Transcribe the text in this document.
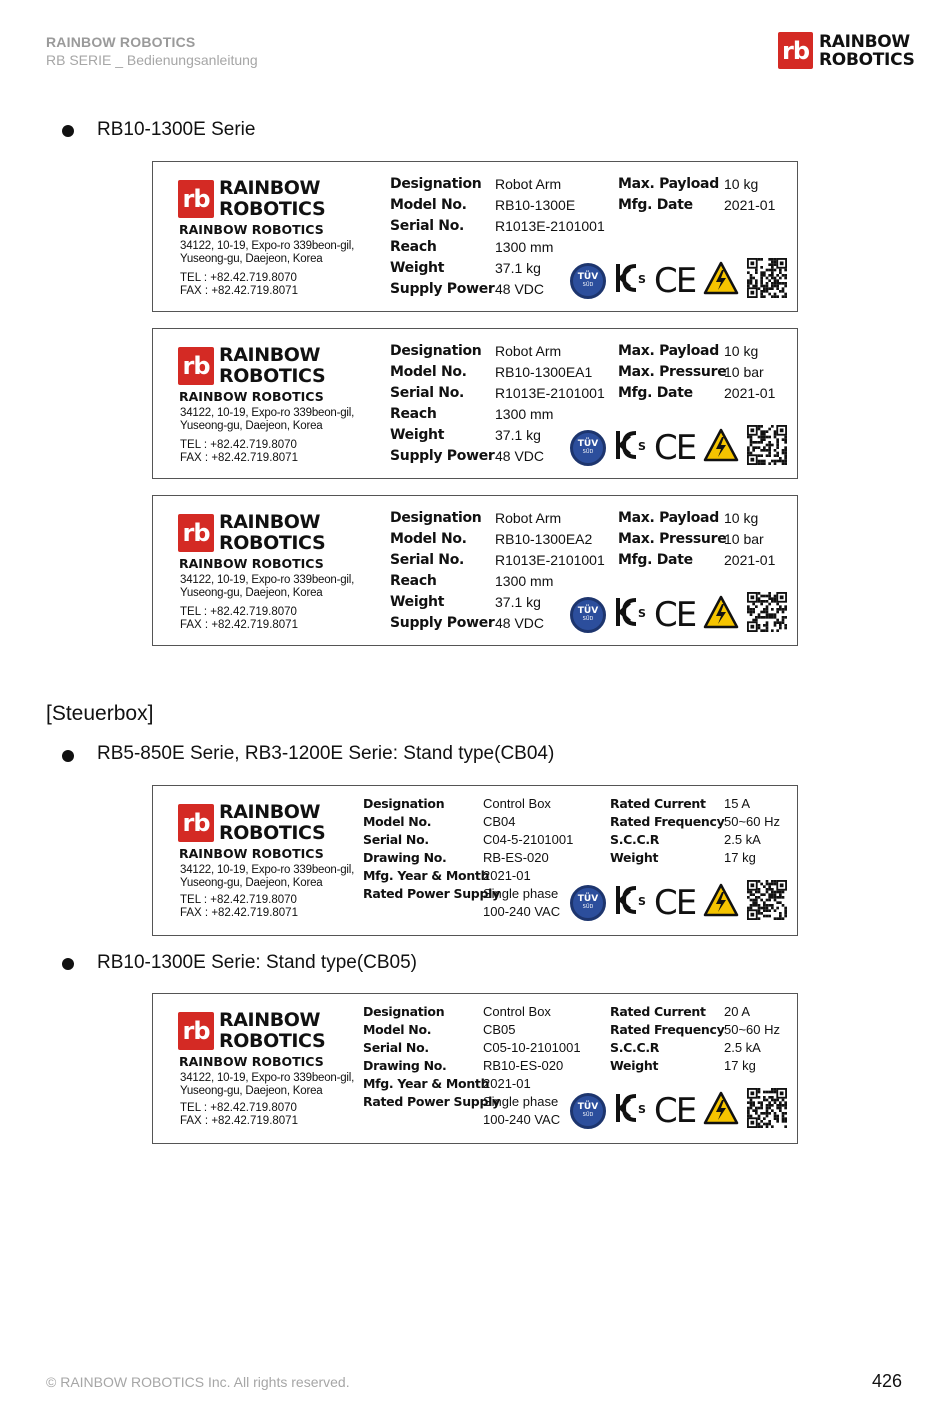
RAINBOW ROBOTICS
RB SERIE _ Bedienungsanleitung	rb RAINBOW
ROBOTICS
RB10-1300E Serie
[Steuerbox]
RB5-850E Serie, RB3-1200E Serie: Stand type(CB04)
RB10-1300E Serie: Stand type(CB05)
rb RAINBOW
ROBOTICS
RAINBOW ROBOTICS
34122, 10-19, Expo-ro 339beon-gil,
Yuseong-gu, Daejeon, Korea
TEL : +82.42.719.8070
FAX : +82.42.719.8071
Designation Robot Arm
Model No. RB10-1300E
Serial No. R1013E-2101001
Reach	1300 mm
Weight	37.1 kg
Supply Power 48 VDC
Max. Payload 10 kg
Mfg. Date 2021-01
TÜV
SÜD	S CE
rb RAINBOW
ROBOTICS
RAINBOW ROBOTICS
34122, 10-19, Expo-ro 339beon-gil,
Yuseong-gu, Daejeon, Korea
TEL : +82.42.719.8070
FAX : +82.42.719.8071
Designation Robot Arm
Model No. RB10-1300EA1
Serial No. R1013E-2101001
Reach	1300 mm
Weight	37.1 kg
Supply Power 48 VDC
Max. Payload 10 kg
Max. Pressure
10 bar
Mfg. Date 2021-01
TÜV
SÜD	S CE
rb RAINBOW
ROBOTICS
RAINBOW ROBOTICS
34122, 10-19, Expo-ro 339beon-gil,
Yuseong-gu, Daejeon, Korea
TEL : +82.42.719.8070
FAX : +82.42.719.8071
Designation Robot Arm
Model No. RB10-1300EA2
Serial No. R1013E-2101001
Reach	1300 mm
Weight	37.1 kg
Supply Power 48 VDC
Max. Payload 10 kg
Max. Pressure
10 bar
Mfg. Date 2021-01
TÜV
SÜD	S CE
rb RAINBOW
ROBOTICS
RAINBOW ROBOTICS
34122, 10-19, Expo-ro 339beon-gil,
Yuseong-gu, Daejeon, Korea
TEL : +82.42.719.8070
FAX : +82.42.719.8071
Designation	Control Box
Model No.	CB04
Serial No.	C04-5-2101001
Drawing No.	RB-ES-020
Mfg. Year & Month
2021-01
Rated Power Supply
Single phase
100-240 VAC
Rated Current 15 A
Rated Frequency 50~60 Hz
S.C.C.R	2.5 kA
Weight	17 kg
TÜV
SÜD	S CE
rb RAINBOW
ROBOTICS
RAINBOW ROBOTICS
34122, 10-19, Expo-ro 339beon-gil,
Yuseong-gu, Daejeon, Korea
TEL : +82.42.719.8070
FAX : +82.42.719.8071
Designation	Control Box
Model No.	CB05
Serial No.	C05-10-2101001
Drawing No.	RB10-ES-020
Mfg. Year & Month
2021-01
Rated Power Supply
Single phase
100-240 VAC
Rated Current 20 A
Rated Frequency 50~60 Hz
S.C.C.R	2.5 kA
Weight	17 kg
TÜV
SÜD	S CE
© RAINBOW ROBOTICS Inc. All rights reserved.	426
